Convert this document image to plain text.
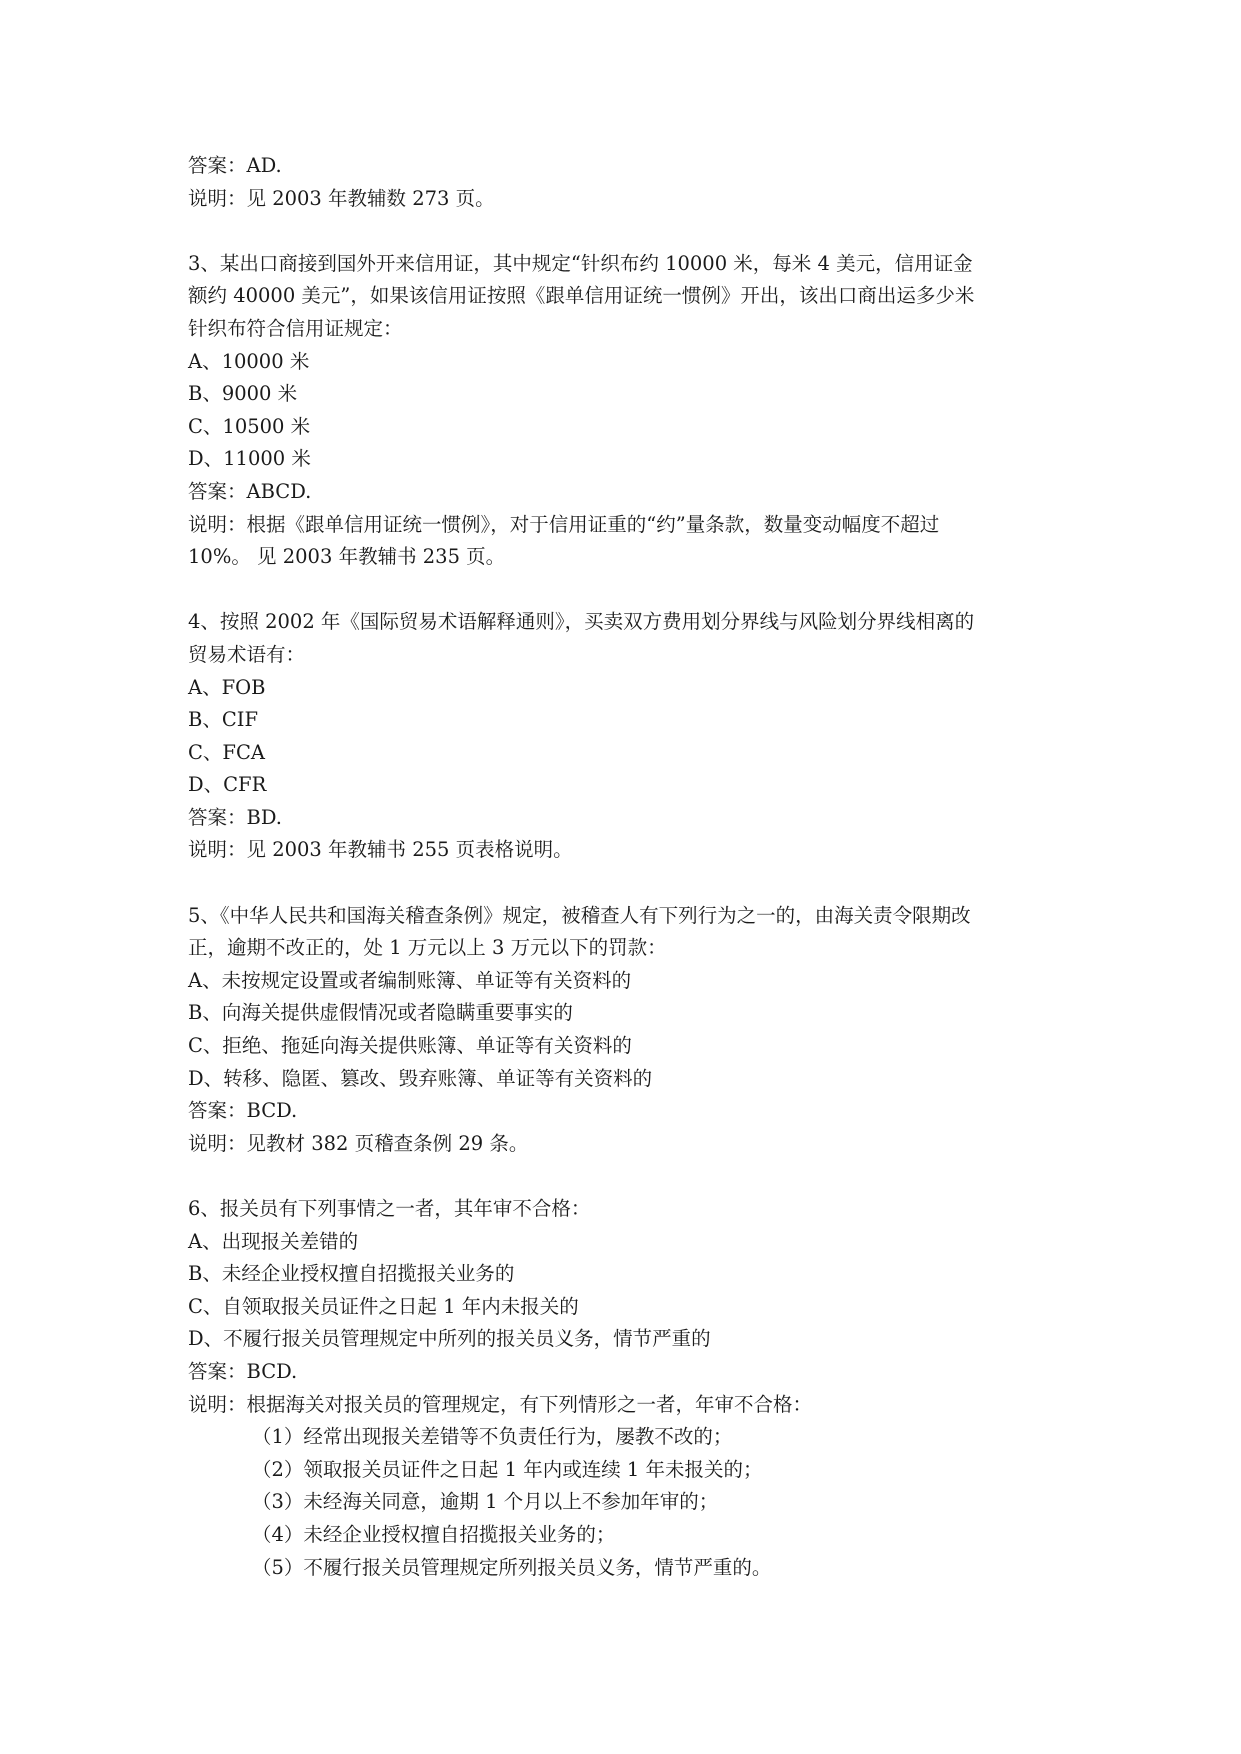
答案：AD.
说明：见 2003 年教辅数 273 页。
3、某出口商接到国外开来信用证，其中规定“针织布约 10000 米，每米 4 美元，信用证金
额约 40000 美元”，如果该信用证按照《跟单信用证统一惯例》开出，该出口商出运多少米
针织布符合信用证规定：
A、10000 米
B、9000 米
C、10500 米
D、11000 米
答案：ABCD.
说明：根据《跟单信用证统一惯例》，对于信用证重的“约”量条款，数量变动幅度不超过
10%。 见 2003 年教辅书 235 页。
4、按照 2002 年《国际贸易术语解释通则》，买卖双方费用划分界线与风险划分界线相离的
贸易术语有：
A、FOB
B、CIF
C、FCA
D、CFR
答案：BD.
说明：见 2003 年教辅书 255 页表格说明。
5、《中华人民共和国海关稽查条例》规定，被稽查人有下列行为之一的，由海关责令限期改
正，逾期不改正的，处 1 万元以上 3 万元以下的罚款：
A、未按规定设置或者编制账簿、单证等有关资料的
B、向海关提供虚假情况或者隐瞒重要事实的
C、拒绝、拖延向海关提供账簿、单证等有关资料的
D、转移、隐匿、篡改、毁弃账簿、单证等有关资料的
答案：BCD.
说明：见教材 382 页稽查条例 29 条。
6、报关员有下列事情之一者，其年审不合格：
A、出现报关差错的
B、未经企业授权擅自招揽报关业务的
C、自领取报关员证件之日起 1 年内未报关的
D、不履行报关员管理规定中所列的报关员义务，情节严重的
答案：BCD.
说明：根据海关对报关员的管理规定，有下列情形之一者，年审不合格：
（1）经常出现报关差错等不负责任行为，屡教不改的；
（2）领取报关员证件之日起 1 年内或连续 1 年未报关的；
（3）未经海关同意，逾期 1 个月以上不参加年审的；
（4）未经企业授权擅自招揽报关业务的；
（5）不履行报关员管理规定所列报关员义务，情节严重的。
